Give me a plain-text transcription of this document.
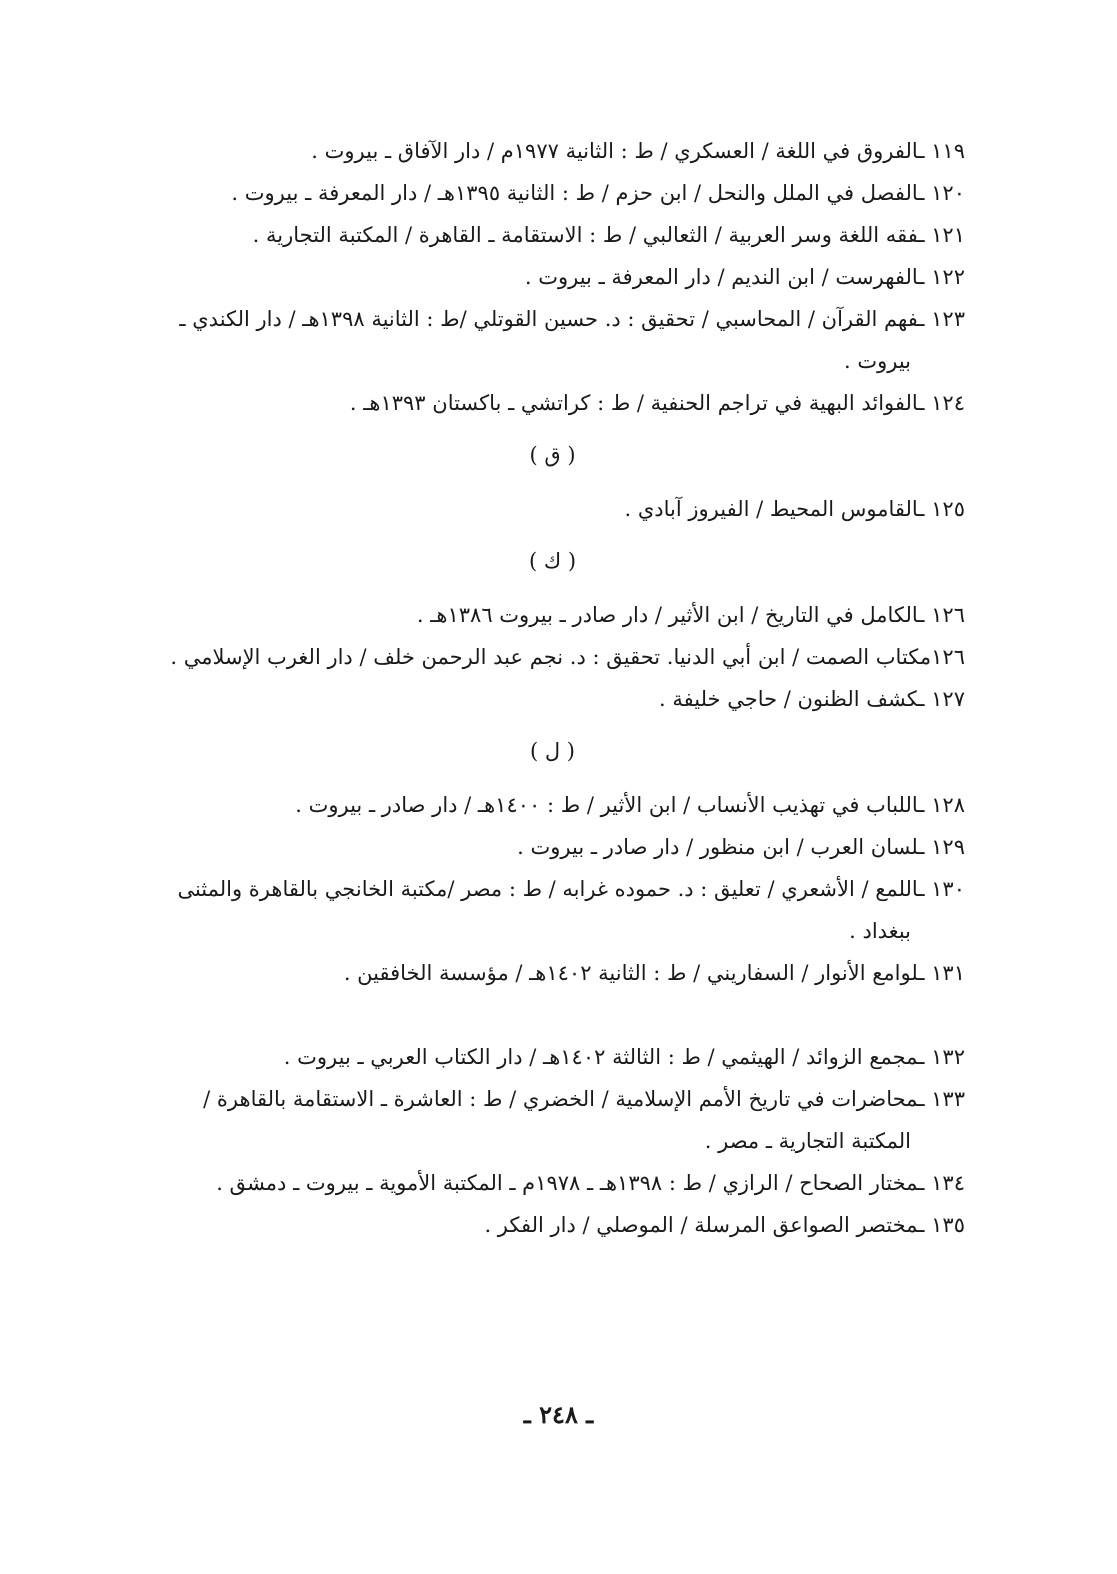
١١٩ ـالفروق في اللغة / العسكري / ط : الثانية ١٩٧٧م / دار الآفاق ـ بيروت .
١٢٠ ـالفصل في الملل والنحل / ابن حزم / ط : الثانية ١٣٩٥هـ / دار المعرفة ـ بيروت .
١٢١ ـفقه اللغة وسر العربية / الثعالبي / ط : الاستقامة ـ القاهرة / المكتبة التجارية .
١٢٢ ـالفهرست / ابن النديم / دار المعرفة ـ بيروت .
١٢٣ ـفهم القرآن / المحاسبي / تحقيق : د. حسين القوتلي /ط : الثانية ١٣٩٨هـ / دار الكندي ـ بيروت .
١٢٤ ـالفوائد البهية في تراجم الحنفية / ط : كراتشي ـ باكستان ١٣٩٣هـ .
( ق )
١٢٥ ـالقاموس المحيط / الفيروز آبادي .
( ك )
١٢٦ ـالكامل في التاريخ / ابن الأثير / دار صادر ـ بيروت ١٣٨٦هـ .
١٢٦مكتاب الصمت / ابن أبي الدنيا. تحقيق : د. نجم عبد الرحمن خلف / دار الغرب الإسلامي .
١٢٧ ـكشف الظنون / حاجي خليفة .
( ل )
١٢٨ ـاللباب في تهذيب الأنساب / ابن الأثير / ط : ١٤٠٠هـ / دار صادر ـ بيروت .
١٢٩ ـلسان العرب / ابن منظور / دار صادر ـ بيروت .
١٣٠ ـاللمع / الأشعري / تعليق : د. حموده غرابه / ط : مصر /مكتبة الخانجي بالقاهرة والمثنى ببغداد .
١٣١ ـلوامع الأنوار / السفاريني / ط : الثانية ١٤٠٢هـ / مؤسسة الخافقين .
١٣٢ ـمجمع الزوائد / الهيثمي / ط : الثالثة ١٤٠٢هـ / دار الكتاب العربي ـ بيروت .
١٣٣ ـمحاضرات في تاريخ الأمم الإسلامية / الخضري / ط : العاشرة ـ الاستقامة بالقاهرة / المكتبة التجارية ـ مصر .
١٣٤ ـمختار الصحاح / الرازي / ط : ١٣٩٨هـ ـ ١٩٧٨م ـ المكتبة الأموية ـ بيروت ـ دمشق .
١٣٥ ـمختصر الصواعق المرسلة / الموصلي / دار الفكر .
ـ ٢٤٨ ـ
